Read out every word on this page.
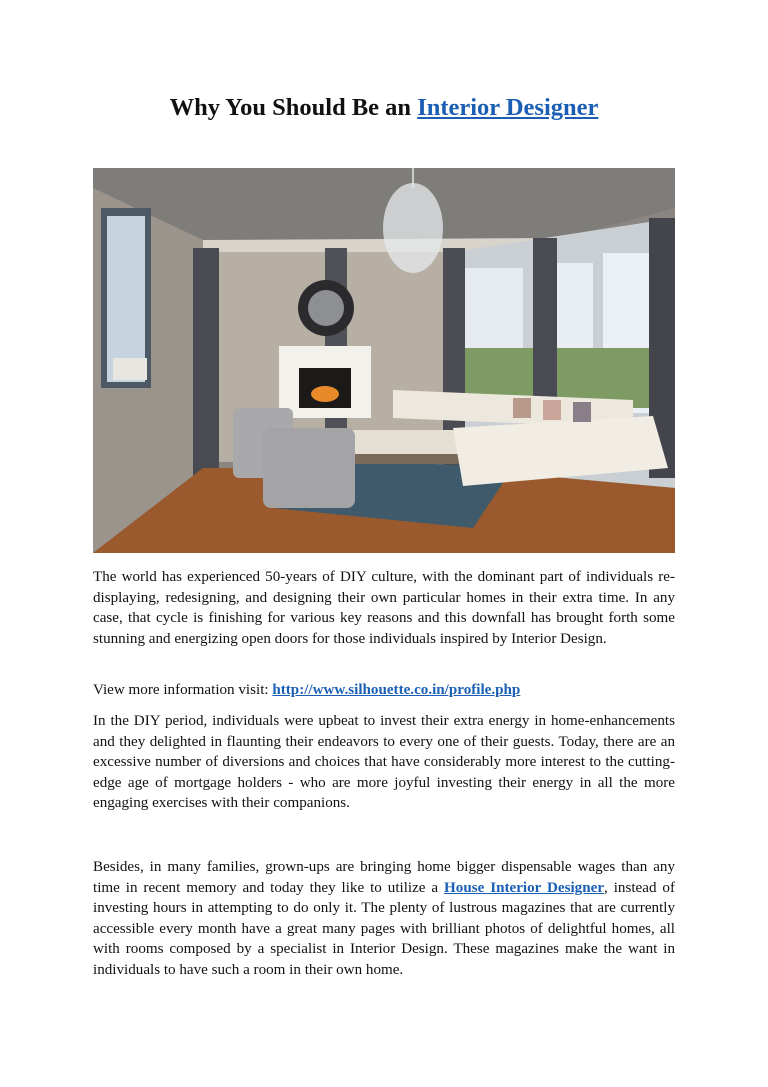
Why You Should Be an Interior Designer

The world has experienced 50-years of DIY culture, with the dominant part of individuals re-displaying, redesigning, and designing their own particular homes in their extra time. In any case, that cycle is finishing for various key reasons and this downfall has brought forth some stunning and energizing open doors for those individuals inspired by Interior Design.

View more information visit: http://www.silhouette.co.in/profile.php

In the DIY period, individuals were upbeat to invest their extra energy in home-enhancements and they delighted in flaunting their endeavors to every one of their guests. Today, there are an excessive number of diversions and choices that have considerably more interest to the cutting-edge age of mortgage holders - who are more joyful investing their energy in all the more engaging exercises with their companions.

Besides, in many families, grown-ups are bringing home bigger dispensable wages than any time in recent memory and today they like to utilize a House Interior Designer, instead of investing hours in attempting to do only it. The plenty of lustrous magazines that are currently accessible every month have a great many pages with brilliant photos of delightful homes, all with rooms composed by a specialist in Interior Design. These magazines make the want in individuals to have such a room in their own home.
